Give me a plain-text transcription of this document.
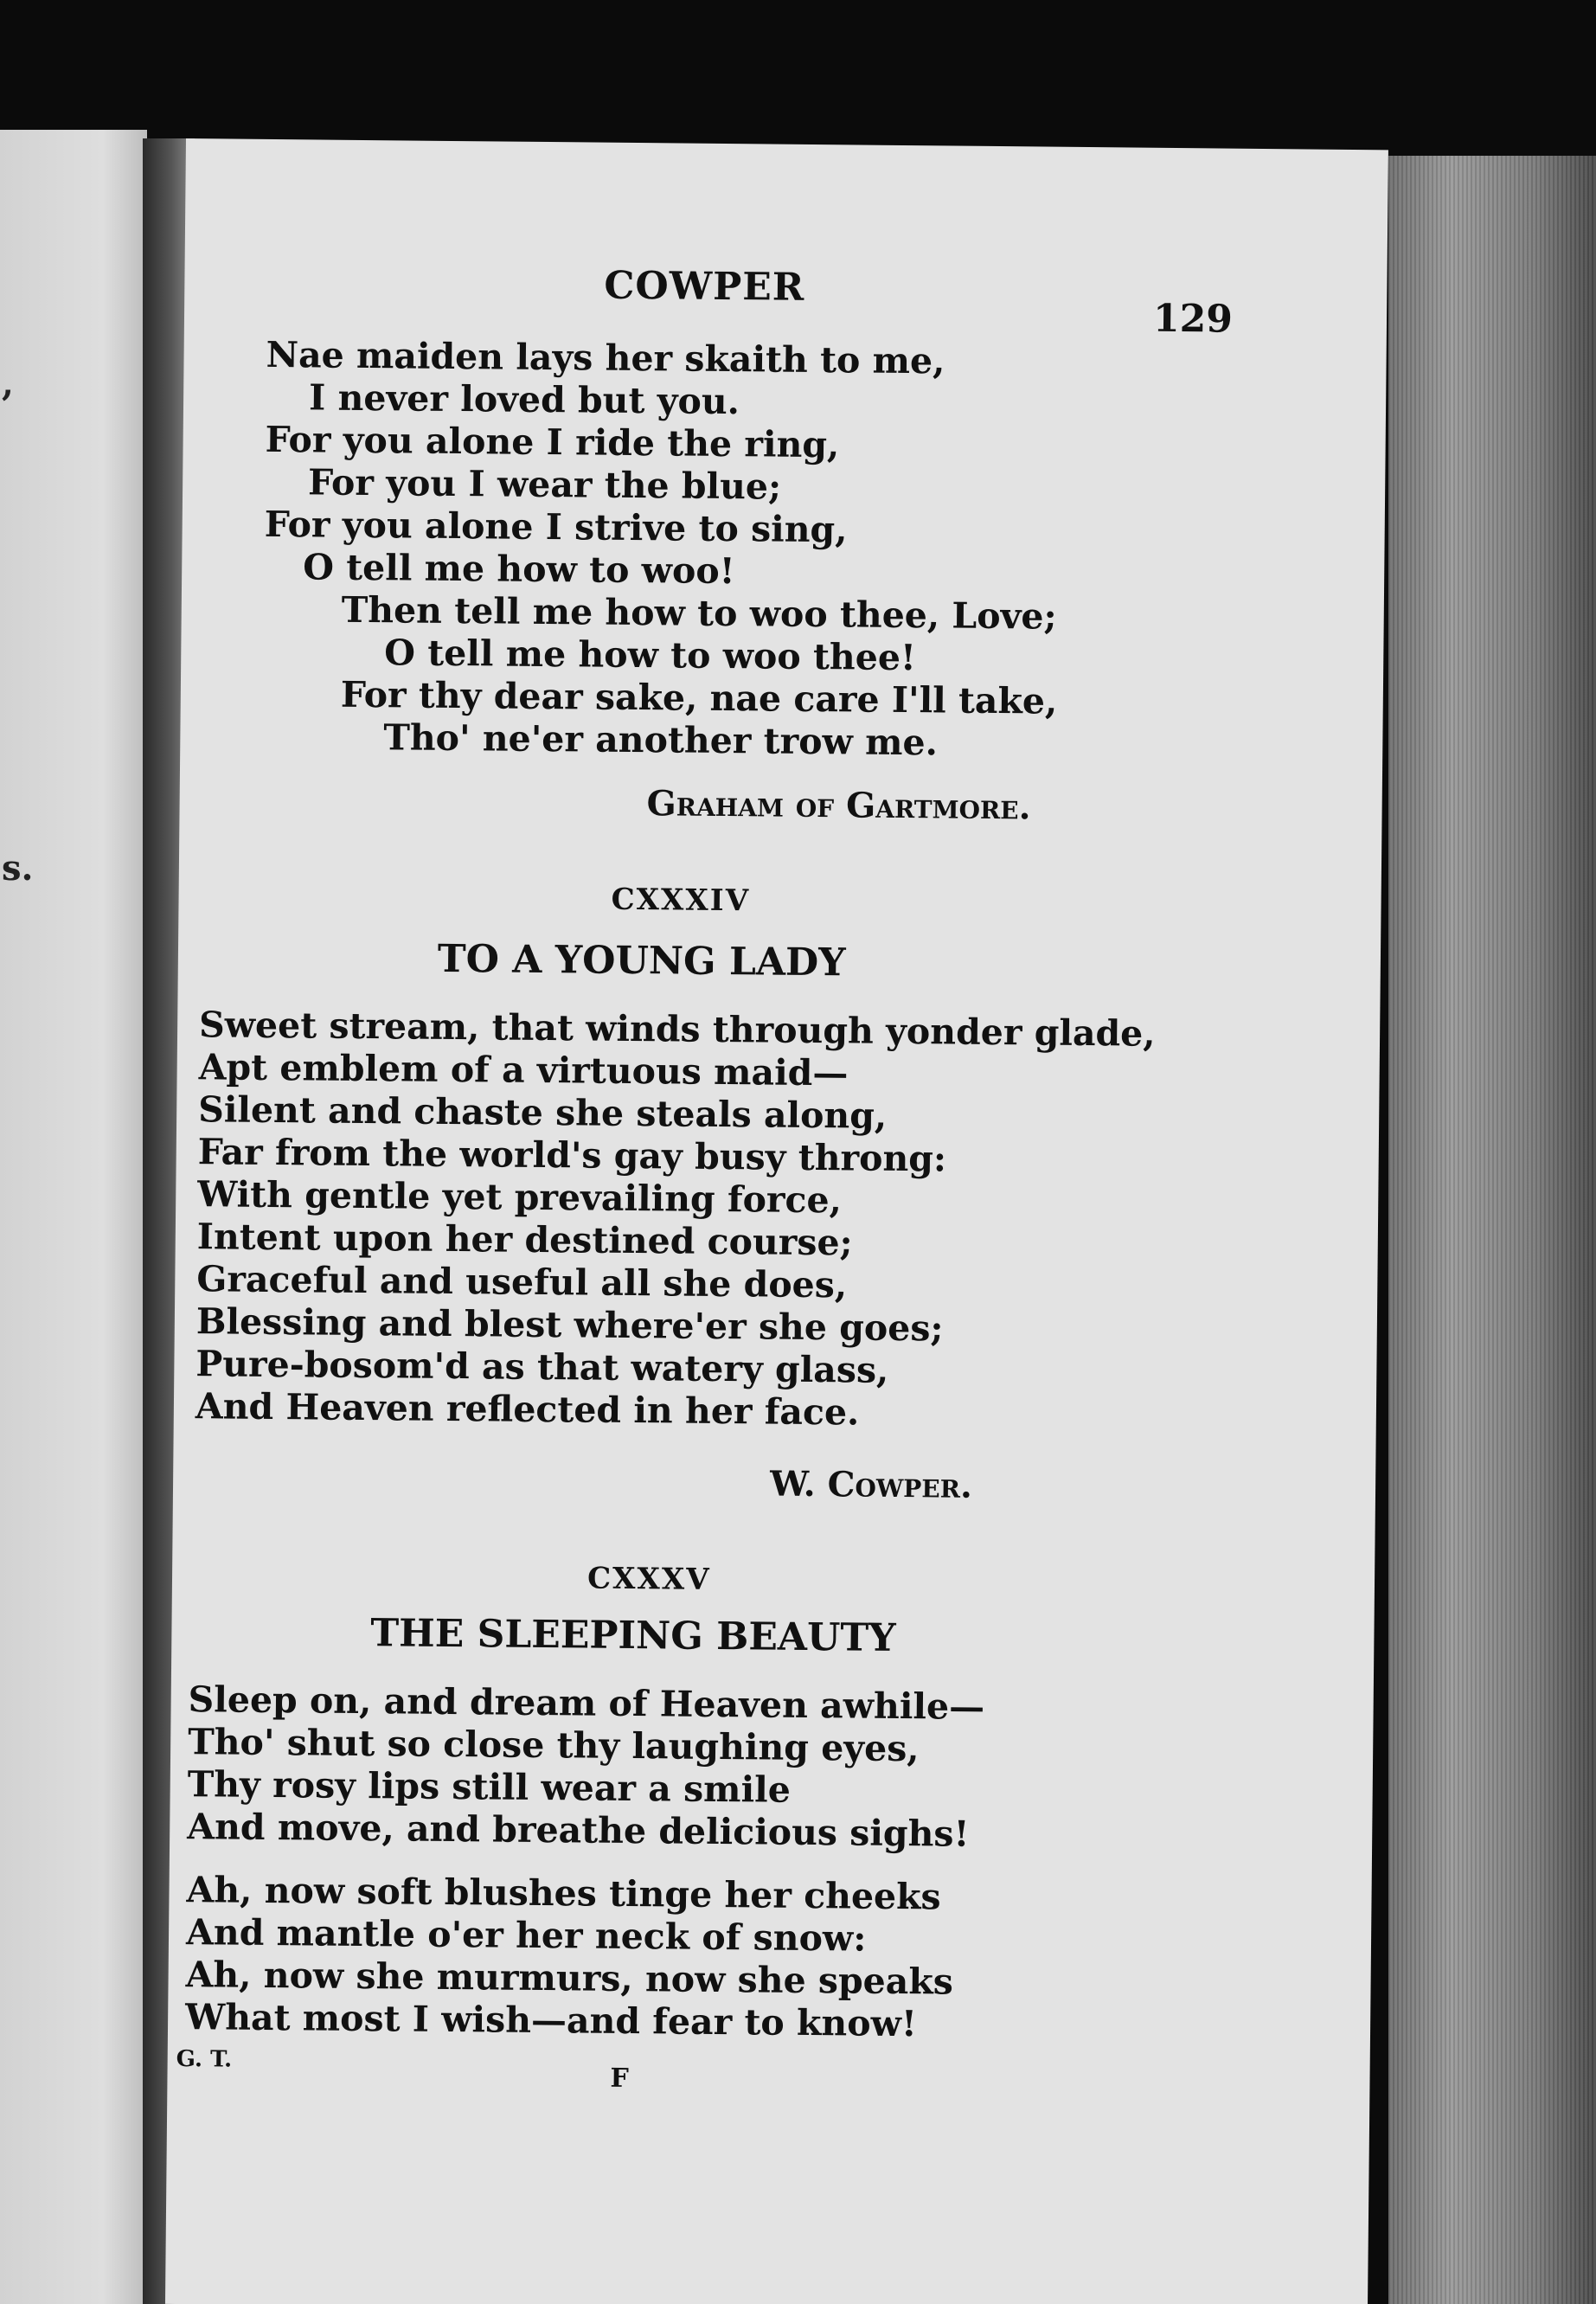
,
s.
COWPER
129
Nae maiden lays her skaith to me,
I never loved but you.
For you alone I ride the ring,
For you I wear the blue;
For you alone I strive to sing,
O tell me how to woo!
Then tell me how to woo thee, Love;
O tell me how to woo thee!
For thy dear sake, nae care I'll take,
Tho' ne'er another trow me.
Graham of Gartmore.
CXXXIV
TO A YOUNG LADY
Sweet stream, that winds through yonder glade,
Apt emblem of a virtuous maid—
Silent and chaste she steals along,
Far from the world's gay busy throng:
With gentle yet prevailing force,
Intent upon her destined course;
Graceful and useful all she does,
Blessing and blest where'er she goes;
Pure-bosom'd as that watery glass,
And Heaven reflected in her face.
W. Cowper.
CXXXV
THE SLEEPING BEAUTY
Sleep on, and dream of Heaven awhile—
Tho' shut so close thy laughing eyes,
Thy rosy lips still wear a smile
And move, and breathe delicious sighs!
Ah, now soft blushes tinge her cheeks
And mantle o'er her neck of snow:
Ah, now she murmurs, now she speaks
What most I wish—and fear to know!
G. T.
F
